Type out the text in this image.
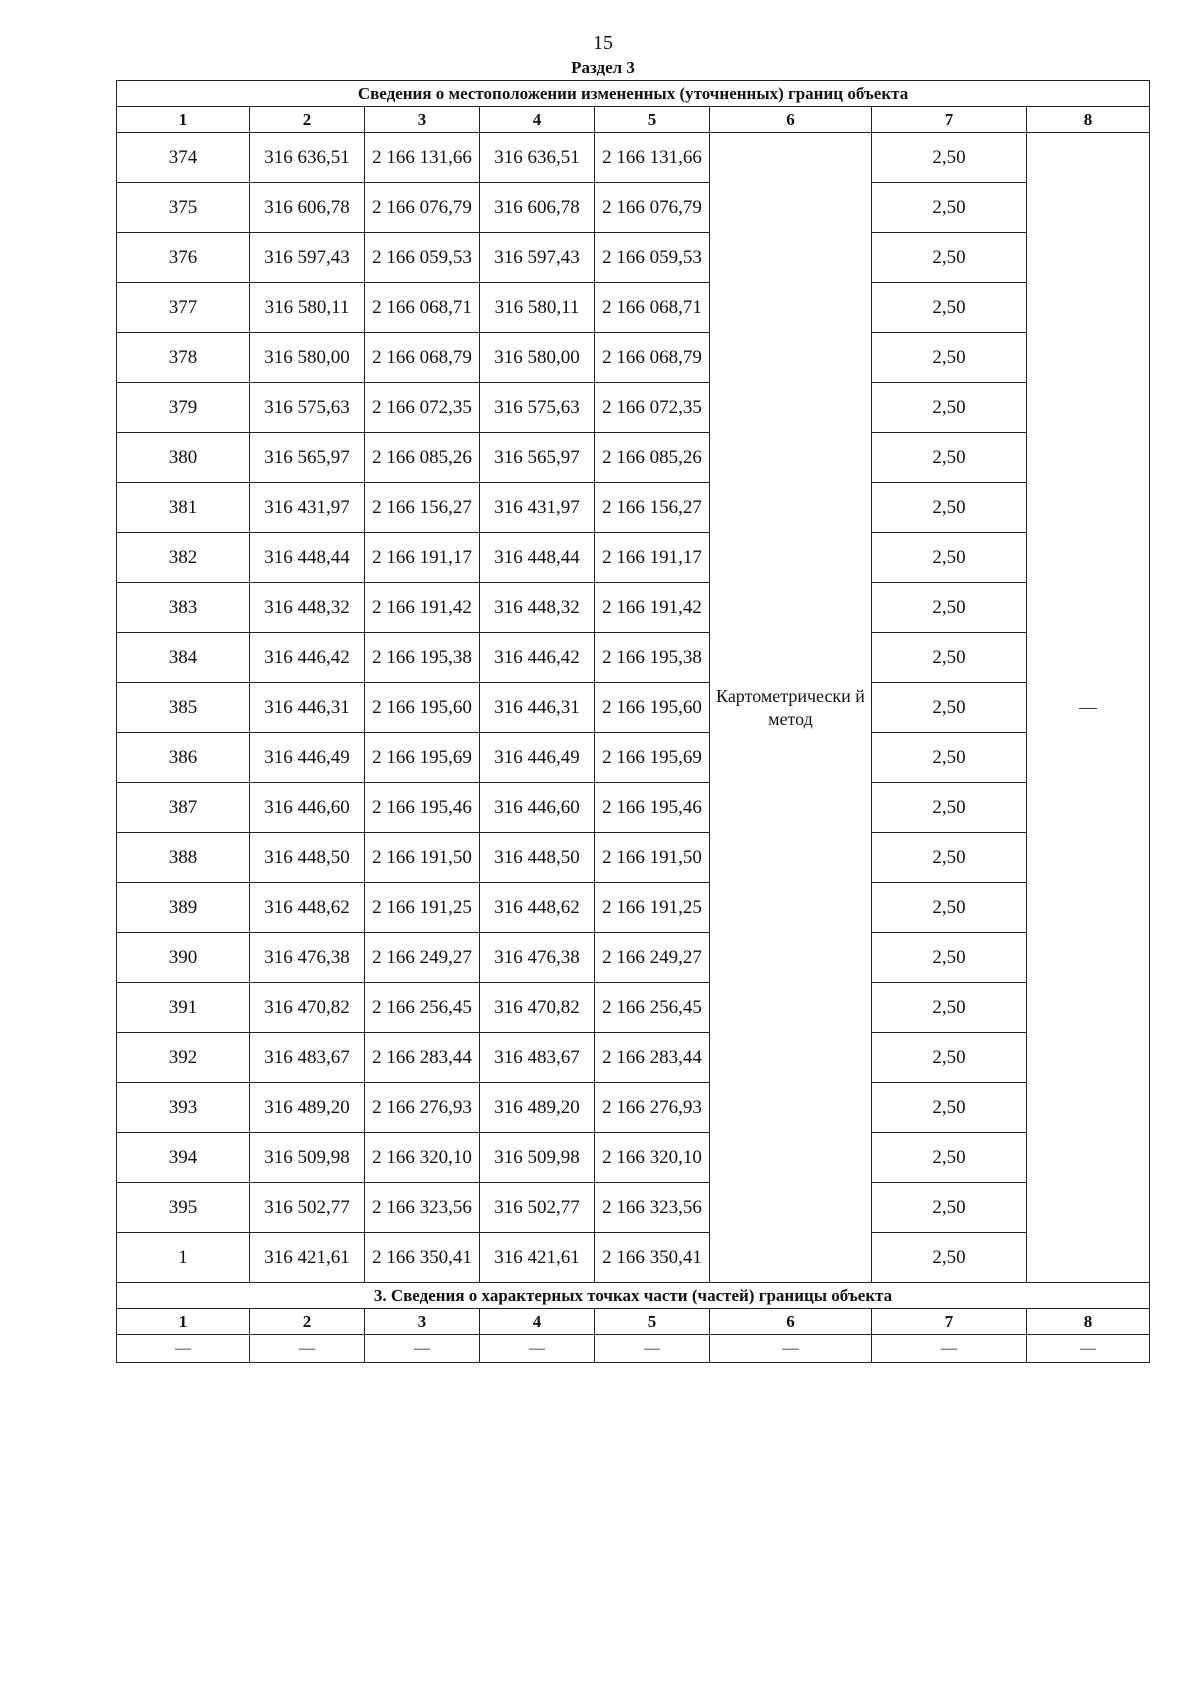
15
Раздел 3
Сведения о местоположении измененных (уточненных) границ объекта							
1	2	3	4	5	6	7	8
374	316 636,51	2 166 131,66	316 636,51	2 166 131,66	Картометрически й метод	2,50	—
375	316 606,78	2 166 076,79	316 606,78	2 166 076,79		2,50	
376	316 597,43	2 166 059,53	316 597,43	2 166 059,53		2,50	
377	316 580,11	2 166 068,71	316 580,11	2 166 068,71		2,50	
378	316 580,00	2 166 068,79	316 580,00	2 166 068,79		2,50	
379	316 575,63	2 166 072,35	316 575,63	2 166 072,35		2,50	
380	316 565,97	2 166 085,26	316 565,97	2 166 085,26		2,50	
381	316 431,97	2 166 156,27	316 431,97	2 166 156,27		2,50	
382	316 448,44	2 166 191,17	316 448,44	2 166 191,17		2,50	
383	316 448,32	2 166 191,42	316 448,32	2 166 191,42		2,50	
384	316 446,42	2 166 195,38	316 446,42	2 166 195,38		2,50	
385	316 446,31	2 166 195,60	316 446,31	2 166 195,60		2,50	
386	316 446,49	2 166 195,69	316 446,49	2 166 195,69		2,50	
387	316 446,60	2 166 195,46	316 446,60	2 166 195,46		2,50	
388	316 448,50	2 166 191,50	316 448,50	2 166 191,50		2,50	
389	316 448,62	2 166 191,25	316 448,62	2 166 191,25		2,50	
390	316 476,38	2 166 249,27	316 476,38	2 166 249,27		2,50	
391	316 470,82	2 166 256,45	316 470,82	2 166 256,45		2,50	
392	316 483,67	2 166 283,44	316 483,67	2 166 283,44		2,50	
393	316 489,20	2 166 276,93	316 489,20	2 166 276,93		2,50	
394	316 509,98	2 166 320,10	316 509,98	2 166 320,10		2,50	
395	316 502,77	2 166 323,56	316 502,77	2 166 323,56		2,50	
1	316 421,61	2 166 350,41	316 421,61	2 166 350,41		2,50	
3. Сведения о характерных точках части (частей) границы объекта							
1	2	3	4	5	6	7	8
—	—	—	—	—	—	—	—
